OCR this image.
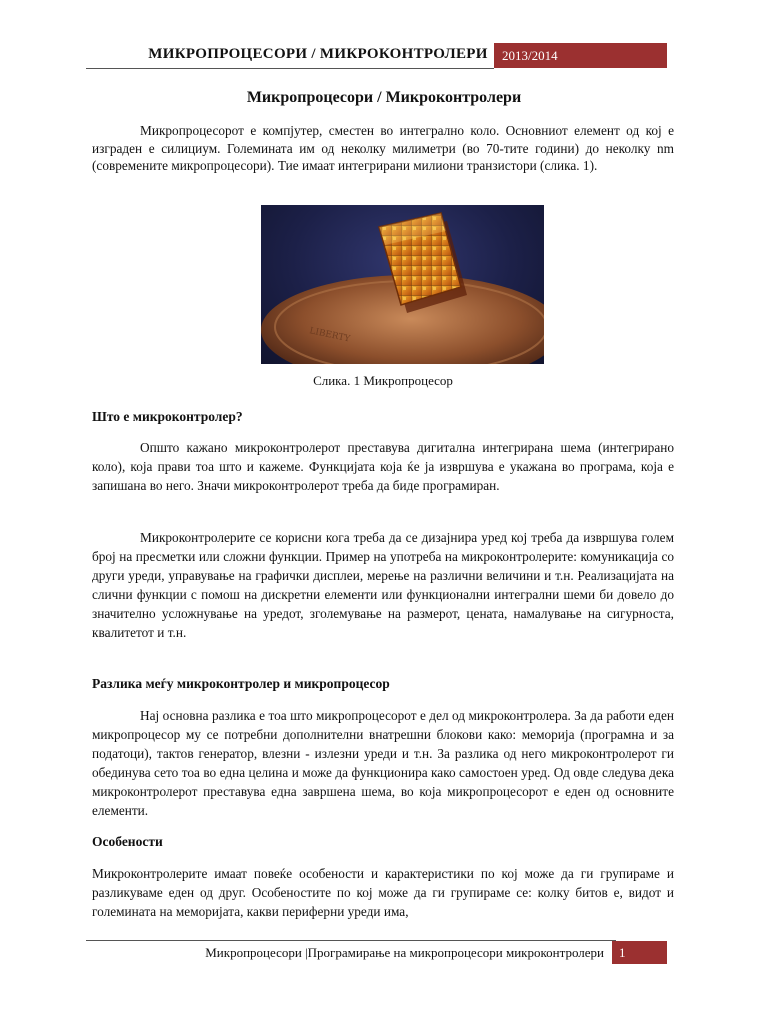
МИКРОПРОЦЕСОРИ / МИКРОКОНТРОЛЕРИ	2013/2014
Микропроцесори / Микроконтролери

Микропроцесорот е компјутер, сместен во интегрално коло. Основниот елемент од кој е изграден е силициум. Големината им од неколку милиметри (во 70-тите години) до неколку nm (современите микропроцесори). Тие имаат интегрирани милиони транзистори (слика. 1).

LIBERTY
Слика. 1 Микропроцесор
Што е микроконтролер?

Општо кажано микроконтролерот преставува дигитална интегрирана шема (интегрирано коло), која прави тоа што и кажеме. Функцијата која ќе ја извршува е укажана во програма, која е запишана во него. Значи микроконтролерот треба да биде програмиран.

Микроконтролерите се корисни кога треба да се дизајнира уред кој треба да извршува голем број на пресметки или сложни функции. Пример на употреба на микроконтролерите: комуникација со други уреди, управување на графички дисплеи, мерење на различни величини и т.н. Реализацијата на слични функции с помош на дискретни елементи или функционални интегрални шеми би довело до значително усложнување на уредот, зголемување на размерот, цената, намалување на сигурноста, квалитетот и т.н.

Разлика меѓу микроконтролер и микропроцесор

Нај основна разлика е тоа што микропроцесорот е дел од микроконтролера. За да работи еден микропроцесор му се потребни дополнителни внатрешни блокови како: меморија (програмна и за податоци), тактов генератор, влезни - излезни уреди и т.н. За разлика од него микроконтролерот ги обединува сето тоа во една целина и може да функционира како самостоен уред. Од овде следува дека микроконтролерот преставува една завршена шема, во која микропроцесорот е еден од основните елементи.

Особености

Микроконтролерите имаат повеќе особености и карактеристики по кој може да ги групираме и разликуваме еден од друг. Особеностите по кој може да ги групираме се: колку битов е, видот и големината на меморијата, какви периферни уреди има,

Микропроцесори |Програмирање на микропроцесори микроконтролери	1
